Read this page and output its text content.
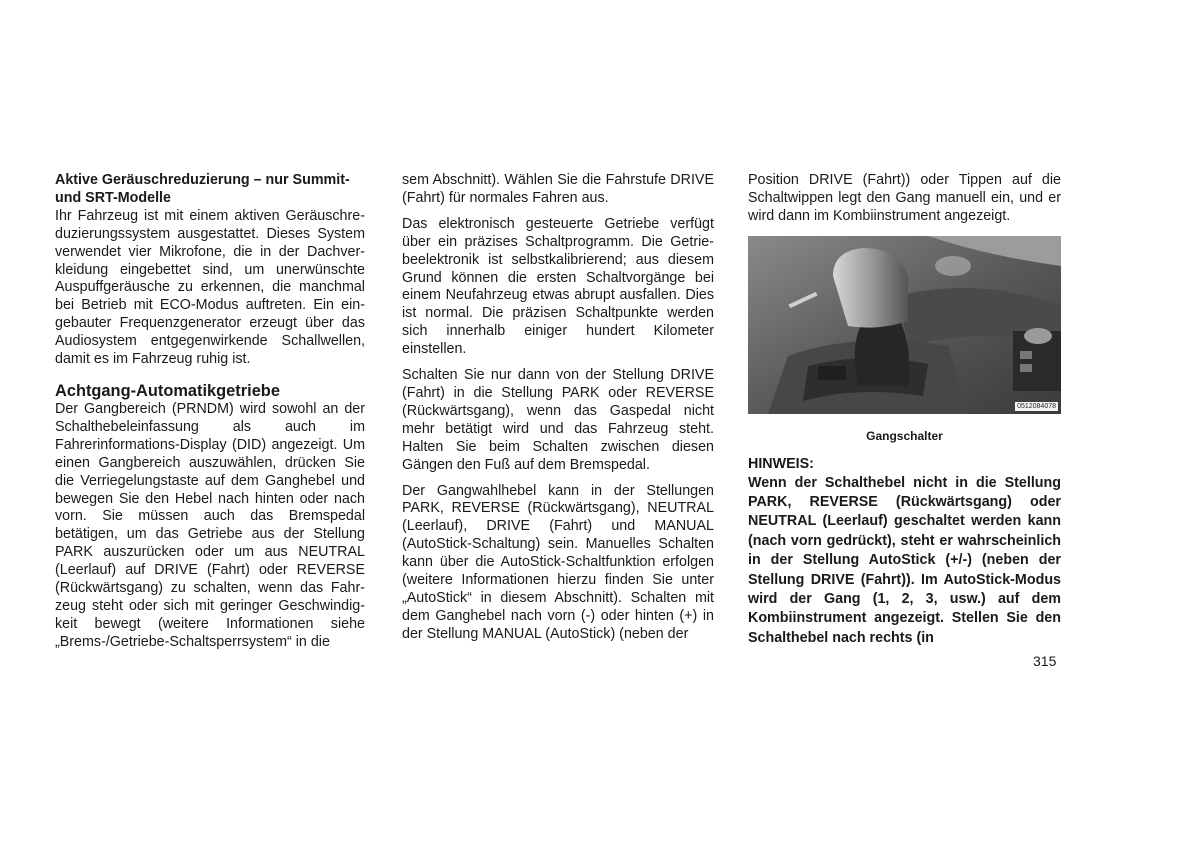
Aktive Geräuschreduzierung – nur Summit- und SRT-Modelle

Ihr Fahrzeug ist mit einem aktiven Geräuschreduzierungssystem ausgestattet. Dieses System verwendet vier Mikrofone, die in der Dachverkleidung eingebettet sind, um unerwünschte Auspuffgeräusche zu erkennen, die manchmal bei Betrieb mit ECO-Modus auftreten. Ein eingebauter Frequenzgenerator erzeugt über das Audiosystem entgegenwirkende Schallwellen, damit es im Fahrzeug ruhig ist.

Achtgang-Automatikgetriebe

Der Gangbereich (PRNDM) wird sowohl an der Schalthebeleinfassung als auch im Fahrerinformations-Display (DID) angezeigt. Um einen Gangbereich auszuwählen, drücken Sie die Verriegelungstaste auf dem Ganghebel und bewegen Sie den Hebel nach hinten oder nach vorn. Sie müssen auch das Bremspedal betätigen, um das Getriebe aus der Stellung PARK auszurücken oder um aus NEUTRAL (Leerlauf) auf DRIVE (Fahrt) oder REVERSE (Rückwärtsgang) zu schalten, wenn das Fahrzeug steht oder sich mit geringer Geschwindigkeit bewegt (weitere Informationen siehe „Brems-/Getriebe-Schaltsperrsystem“ in die

sem Abschnitt). Wählen Sie die Fahrstufe DRIVE (Fahrt) für normales Fahren aus.

Das elektronisch gesteuerte Getriebe verfügt über ein präzises Schaltprogramm. Die Getriebeelektronik ist selbstkalibrierend; aus diesem Grund können die ersten Schaltvorgänge bei einem Neufahrzeug etwas abrupt ausfallen. Dies ist normal. Die präzisen Schaltpunkte werden sich innerhalb einiger hundert Kilometer einstellen.

Schalten Sie nur dann von der Stellung DRIVE (Fahrt) in die Stellung PARK oder REVERSE (Rückwärtsgang), wenn das Gaspedal nicht mehr betätigt wird und das Fahrzeug steht. Halten Sie beim Schalten zwischen diesen Gängen den Fuß auf dem Bremspedal.

Der Gangwahlhebel kann in der Stellungen PARK, REVERSE (Rückwärtsgang), NEUTRAL (Leerlauf), DRIVE (Fahrt) und MANUAL (AutoStick-Schaltung) sein. Manuelles Schalten kann über die AutoStick-Schaltfunktion erfolgen (weitere Informationen hierzu finden Sie unter „AutoStick“ in diesem Abschnitt). Schalten mit dem Ganghebel nach vorn (-) oder hinten (+) in der Stellung MANUAL (AutoStick) (neben der

Position DRIVE (Fahrt)) oder Tippen auf die Schaltwippen legt den Gang manuell ein, und er wird dann im Kombiinstrument angezeigt.

0512084078

Gangschalter

HINWEIS:

Wenn der Schalthebel nicht in die Stellung PARK, REVERSE (Rückwärtsgang) oder NEUTRAL (Leerlauf) geschaltet werden kann (nach vorn gedrückt), steht er wahrscheinlich in der Stellung AutoStick (+/-) (neben der Stellung DRIVE (Fahrt)). Im AutoStick-Modus wird der Gang (1, 2, 3, usw.) auf dem Kombiinstrument angezeigt. Stellen Sie den Schalthebel nach rechts (in

315
